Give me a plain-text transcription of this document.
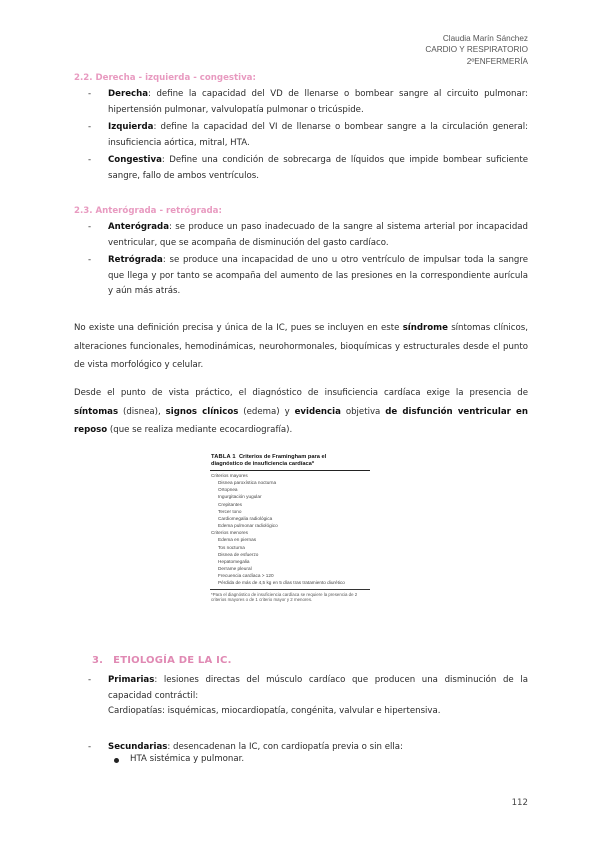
Claudia Marín Sánchez
CARDIO Y RESPIRATORIO
2ºENFERMERÍA
2.2. Derecha - izquierda - congestiva:
- Derecha: define la capacidad del VD de llenarse o bombear sangre al circuito pulmonar: hipertensión pulmonar, valvulopatía pulmonar o tricúspide.
- Izquierda: define la capacidad del VI de llenarse o bombear sangre a la circulación general: insuficiencia aórtica, mitral, HTA.
- Congestiva: Define una condición de sobrecarga de líquidos que impide bombear suficiente sangre, fallo de ambos ventrículos.
2.3. Anterógrada - retrógrada:
- Anterógrada: se produce un paso inadecuado de la sangre al sistema arterial por incapacidad ventricular, que se acompaña de disminución del gasto cardíaco.
- Retrógrada: se produce una incapacidad de uno u otro ventrículo de impulsar toda la sangre que llega y por tanto se acompaña del aumento de las presiones en la correspondiente aurícula y aún más atrás.

No existe una definición precisa y única de la IC, pues se incluyen en este síndrome síntomas clínicos, alteraciones funcionales, hemodinámicas, neurohormonales, bioquímicas y estructurales desde el punto de vista morfológico y celular.

Desde el punto de vista práctico, el diagnóstico de insuficiencia cardíaca exige la presencia de síntomas (disnea), signos clínicos (edema) y evidencia objetiva de disfunción ventricular en reposo (que se realiza mediante ecocardiografía).

TABLA 1 Criterios de Framingham para el
diagnóstico de insuficiencia cardíaca*
Criterios mayores
Disnea paroxística nocturna
Ortopnea
Ingurgitación yugular
Crepitantes
Tercer tono
Cardiomegalia radiológica
Edema pulmonar radiológico
Criterios menores
Edema en piernas
Tos nocturna
Disnea de esfuerzo
Hepatomegalia
Derrame pleural
Frecuencia cardíaca > 120
Pérdida de más de 4,5 kg en 5 días tras tratamiento diurético
*Para el diagnóstico de insuficiencia cardíaca se requiere la presencia de 2 criterios mayores o de 1 criterio mayor y 2 menores.
3. ETIOLOGÍA DE LA IC.
- Primarias: lesiones directas del músculo cardíaco que producen una disminución de la capacidad contráctil:
Cardiopatías: isquémicas, miocardiopatía, congénita, valvular e hipertensiva.
- Secundarias: desencadenan la IC, con cardiopatía previa o sin ella:
HTA sistémica y pulmonar.
112
